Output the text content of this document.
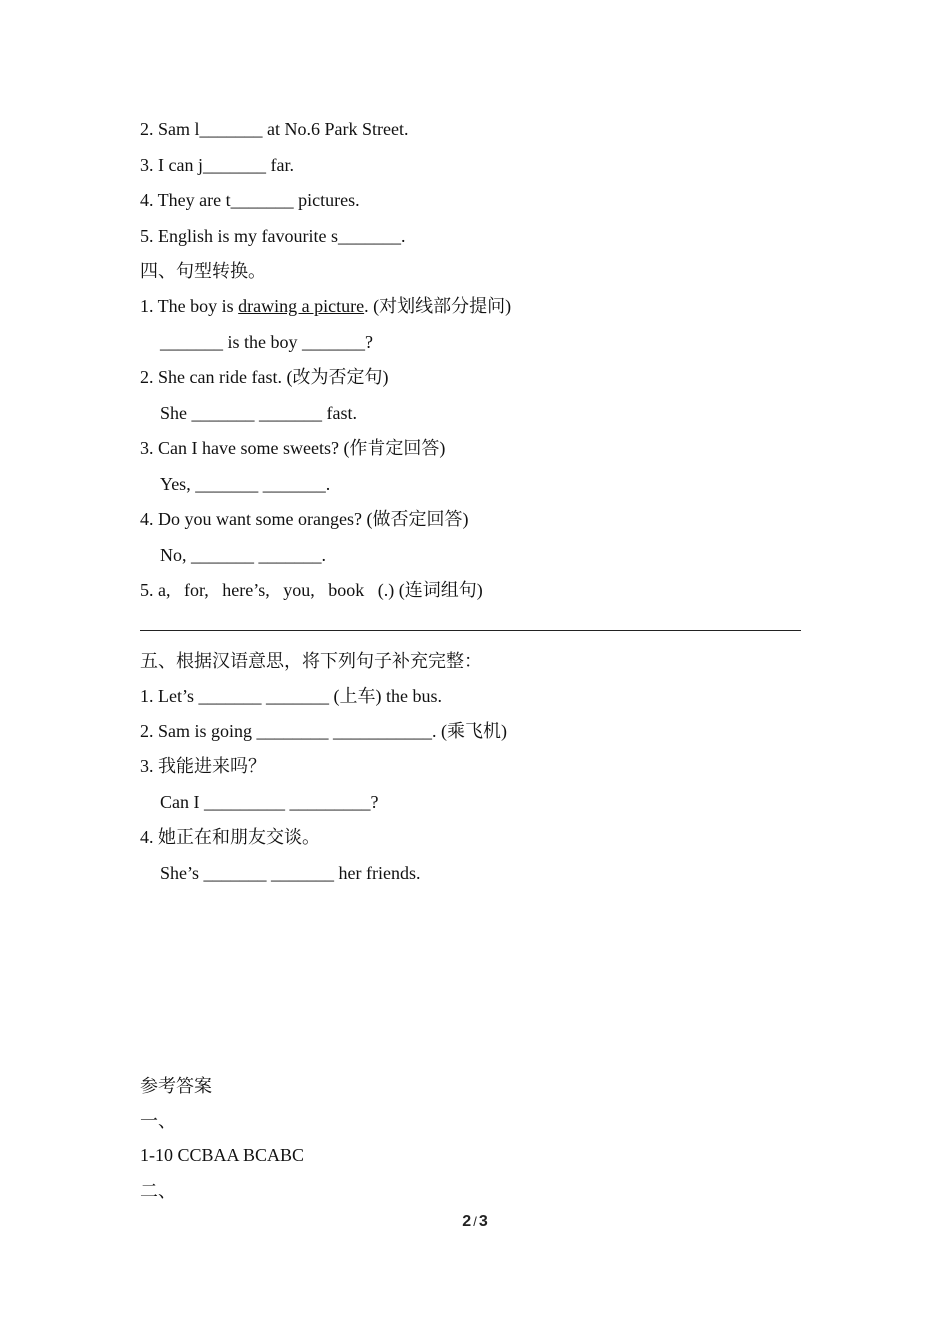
2. Sam l_______ at No.6 Park Street.
3. I can j_______ far.
4. They are t_______ pictures.
5. English is my favourite s_______.
四、句型转换。
1. The boy is drawing a picture. (对划线部分提问)
_______ is the boy _______?
2. She can ride fast. (改为否定句)
She _______ _______ fast.
3. Can I have some sweets? (作肯定回答)
Yes, _______ _______.
4. Do you want some oranges? (做否定回答)
No, _______ _______.
5. a,   for,   here’s,   you,   book   (.) (连词组句)
五、根据汉语意思，将下列句子补充完整：
1. Let’s _______ _______ (上车) the bus.
2. Sam is going ________ ___________. (乘飞机)
3. 我能进来吗？
Can I _________ _________?
4. 她正在和朋友交谈。
She’s _______ _______ her friends.
参考答案
一、
1-10 CCBAA BCABC
二、
2 / 3
